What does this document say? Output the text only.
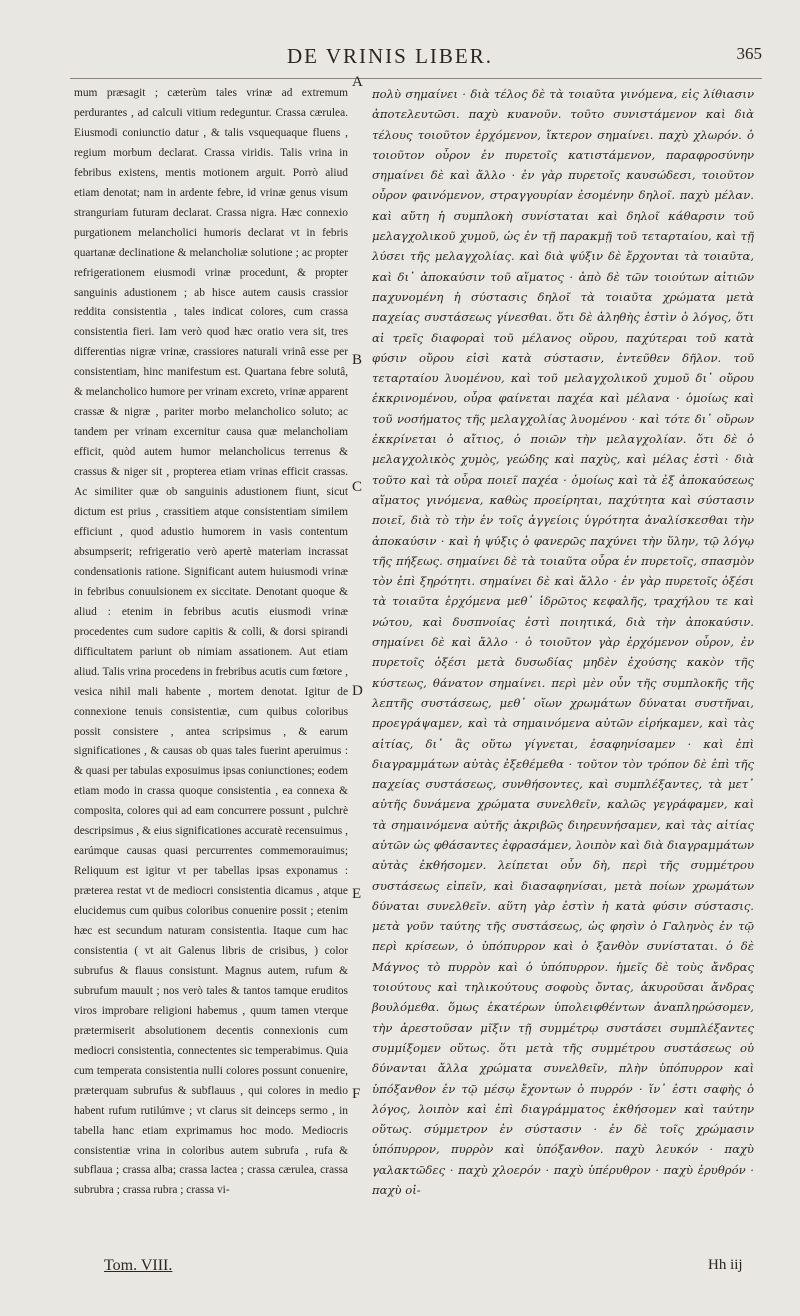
DE VRINIS LIBER.	365

mum præsagit ; cæterùm tales vrinæ ad extremum perdurantes , ad calculi vitium redeguntur. Crassa cærulea. Eiusmodi coniunctio datur , & talis vsquequaque fluens , regium morbum declarat. Crassa viridis. Talis vrina in febribus existens, mentis motionem arguit. Porrò aliud etiam denotat; nam in ardente febre, id vrinæ genus visum stranguriam futuram declarat. Crassa nigra. Hæc connexio purgationem melancholici humoris declarat vt in febris quartanæ declinatione & melancholiæ solutione ; ac propter refrigerationem eiusmodi vrinæ procedunt, & propter sanguinis adustionem ; ab hisce autem causis crassior reddita consistentia , tales indicat colores, cum crassa consistentia fieri. Iam verò quod hæc oratio vera sit, tres differentias nigræ vrinæ, crassiores naturali vrinâ esse per consistentiam, hinc manifestum est. Quartana febre solutâ, & melancholico humore per vrinam excreto, vrinæ apparent crassæ & nigræ , pariter morbo melancholico soluto; ac tandem per vrinam excernitur causa quæ melancholiam efficit, quòd autem humor melancholicus terrenus & crassus & niger sit , propterea etiam vrinas efficit crassas. Ac similiter quæ ob sanguinis adustionem fiunt, sicut dictum est prius , crassitiem atque consistentiam similem efficiunt , quod adustio humorem in vasis contentum absumpserit; refrigeratio verò apertè materiam incrassat condensationis ratione. Significant autem huiusmodi vrinæ in febribus conuulsionem ex siccitate. Denotant quoque & aliud : etenim in febribus acutis eiusmodi vrinæ procedentes cum sudore capitis & colli, & dorsi spirandi difficultatem pariunt ob nimiam assationem. Aut etiam aliud. Talis vrina procedens in frebribus acutis cum fœtore , vesica nihil mali habente , mortem denotat. Igitur de connexione tenuis consistentiæ, cum quibus coloribus possit consistere , antea scripsimus , & earum significationes , & causas ob quas tales fuerint aperuimus : & quasi per tabulas exposuimus ipsas coniunctiones; eodem etiam modo in crassa quoque consistentia , ea connexa & composita, colores qui ad eam concurrere possunt , pulchrè descripsimus , & eius significationes accuratè recensuimus , earúmque causas quasi percurrentes commemorauimus; Reliquum est igitur vt per tabellas ipsas exponamus : præterea restat vt de mediocri consistentia dicamus , atque elucidemus cum quibus coloribus conuenire possit ; etenim hæc est secundum naturam consistentia. Itaque cum hac consistentia ( vt ait Galenus libris de crisibus, ) color subrufus & flauus consistunt. Magnus autem, rufum & subrufum mauult ; nos verò tales & tantos tamque eruditos viros improbare religioni habemus , quum tamen vterque prætermiserit absolutionem decentis connexionis cum mediocri consistentia, connectentes sic temperabimus. Quia cum temperata consistentia nulli colores possunt conuenire, præterquam subrufus & subflauus , qui colores in medio habent rufum rutilúmve ; vt clarus sit deinceps sermo , in tabella hanc etiam exprimamus hoc modo. Mediocris consistentiæ vrina in coloribus autem subrufa , rufa & subflaua ; crassa alba; crassa lactea ; crassa cærulea, crassa subrubra ; crassa rubra ; crassa vi-

A
B
C
D
E
F

πολὺ σημαίνει · διὰ τέλος δὲ τὰ τοιαῦτα γινόμενα, εἰς λίθιασιν ἀποτελευτῶσι. παχὺ κυανοῦν. τοῦτο συνιστάμενον καὶ διὰ τέλους τοιοῦτον ἐρχόμενον, ἴκτερον σημαίνει. παχὺ χλωρόν. ὁ τοιοῦτον οὖρον ἐν πυρετοῖς κατιστάμενον, παραφροσύνην σημαίνει δὲ καὶ ἄλλο · ἐν γὰρ πυρετοῖς καυσώδεσι, τοιοῦτον οὖρον φαινόμενον, στραγγουρίαν ἐσομένην δηλοῖ. παχὺ μέλαν. καὶ αὕτη ἡ συμπλοκὴ συνίσταται καὶ δηλοῖ κάθαρσιν τοῦ μελαγχολικοῦ χυμοῦ, ὡς ἐν τῇ παρακμῇ τοῦ τεταρταίου, καὶ τῇ λύσει τῆς μελαγχολίας. καὶ διὰ ψύξιν δὲ ἔρχονται τὰ τοιαῦτα, καὶ δι᾽ ἀποκαύσιν τοῦ αἵματος · ἀπὸ δὲ τῶν τοιούτων αἰτιῶν παχυνομένη ἡ σύστασις δηλοῖ τὰ τοιαῦτα χρώματα μετὰ παχείας συστάσεως γίνεσθαι. ὅτι δὲ ἀληθὴς ἐστὶν ὁ λόγος, ὅτι αἱ τρεῖς διαφοραὶ τοῦ μέλανος οὔρου, παχύτεραι τοῦ κατὰ φύσιν οὔρου εἰσὶ κατὰ σύστασιν, ἐντεῦθεν δῆλον. τοῦ τεταρταίου λυομένου, καὶ τοῦ μελαγχολικοῦ χυμοῦ δι᾽ οὔρου ἐκκρινομένου, οὖρα φαίνεται παχέα καὶ μέλανα · ὁμοίως καὶ τοῦ νοσήματος τῆς μελαγχολίας λυομένου · καὶ τότε δι᾽ οὔρων ἐκκρίνεται ὁ αἴτιος, ὁ ποιῶν τὴν μελαγχολίαν. ὅτι δὲ ὁ μελαγχολικὸς χυμὸς, γεώδης καὶ παχὺς, καὶ μέλας ἐστὶ · διὰ τοῦτο καὶ τὰ οὖρα ποιεῖ παχέα · ὁμοίως καὶ τὰ ἐξ ἀποκαύσεως αἵματος γινόμενα, καθὼς προείρηται, παχύτητα καὶ σύστασιν ποιεῖ, διὰ τὸ τὴν ἐν τοῖς ἀγγείοις ὑγρότητα ἀναλίσκεσθαι τὴν ἀποκαύσιν · καὶ ἡ ψύξις ὁ φανερῶς παχύνει τὴν ὕλην, τῷ λόγῳ τῆς πήξεως. σημαίνει δὲ τὰ τοιαῦτα οὖρα ἐν πυρετοῖς, σπασμὸν τὸν ἐπὶ ξηρότητι. σημαίνει δὲ καὶ ἄλλο · ἐν γὰρ πυρετοῖς ὀξέσι τὰ τοιαῦτα ἐρχόμενα μεθ᾽ ἱδρῶτος κεφαλῆς, τραχήλου τε καὶ νώτου, καὶ δυσπνοίας ἐστὶ ποιητικά, διὰ τὴν ἀποκαύσιν. σημαίνει δὲ καὶ ἄλλο · ὁ τοιοῦτον γὰρ ἐρχόμενον οὖρον, ἐν πυρετοῖς ὀξέσι μετὰ δυσωδίας μηδὲν ἐχούσης κακὸν τῆς κύστεως, θάνατον σημαίνει. περὶ μὲν οὖν τῆς συμπλοκῆς τῆς λεπτῆς συστάσεως, μεθ᾽ οἵων χρωμάτων δύναται συστῆναι, προεγράψαμεν, καὶ τὰ σημαινόμενα αὐτῶν εἰρήκαμεν, καὶ τὰς αἰτίας, δι᾽ ἃς οὕτω γίγνεται, ἐσαφηνίσαμεν · καὶ ἐπὶ διαγραμμάτων αὐτὰς ἐξεθέμεθα · τοῦτον τὸν τρόπον δὲ ἐπὶ τῆς παχείας συστάσεως, συνθήσοντες, καὶ συμπλέξαντες, τὰ μετ᾽ αὐτῆς δυνάμενα χρώματα συνελθεῖν, καλῶς γεγράφαμεν, καὶ τὰ σημαινόμενα αὐτῆς ἀκριβῶς διηρευνήσαμεν, καὶ τὰς αἰτίας αὐτῶν ὡς φθάσαντες ἐφρασάμεν, λοιπὸν καὶ διὰ διαγραμμάτων αὐτὰς ἐκθήσομεν. λείπεται οὖν δὴ, περὶ τῆς συμμέτρου συστάσεως εἰπεῖν, καὶ διασαφηνίσαι, μετὰ ποίων χρωμάτων δύναται συνελθεῖν. αὕτη γὰρ ἐστὶν ἡ κατὰ φύσιν σύστασις. μετὰ γοῦν ταύτης τῆς συστάσεως, ὡς φησὶν ὁ Γαληνὸς ἐν τῷ περὶ κρίσεων, ὁ ὑπόπυρρον καὶ ὁ ξανθὸν συνίσταται. ὁ δὲ Μάγνος τὸ πυρρὸν καὶ ὁ ὑπόπυρρον. ἡμεῖς δὲ τοὺς ἄνδρας τοιούτους καὶ τηλικούτους σοφοὺς ὄντας, ἀκυροῦσαι ἄνδρας βουλόμεθα. ὅμως ἑκατέρων ὑπολειφθέντων ἀναπληρώσομεν, τὴν ἀρεστοῦσαν μῖξιν τῇ συμμέτρῳ συστάσει συμπλέξαντες συμμίξομεν οὕτως. ὅτι μετὰ τῆς συμμέτρου συστάσεως οὐ δύνανται ἄλλα χρώματα συνελθεῖν, πλὴν ὑπόπυρρον καὶ ὑπόξανθον ἐν τῷ μέσῳ ἔχοντων ὁ πυρρόν · ἵν᾽ ἐστι σαφὴς ὁ λόγος, λοιπὸν καὶ ἐπὶ διαγράμματος ἐκθήσομεν καὶ ταύτην οὕτως. σύμμετρον ἐν σύστασιν · ἐν δὲ τοῖς χρώμασιν ὑπόπυρρον, πυρρὸν καὶ ὑπόξανθον. παχὺ λευκόν · παχὺ γαλακτῶδες · παχὺ χλοερόν · παχὺ ὑπέρυθρον · παχὺ ἐρυθρόν · παχὺ οἰ-

Tom. VIII.	Hh iij
